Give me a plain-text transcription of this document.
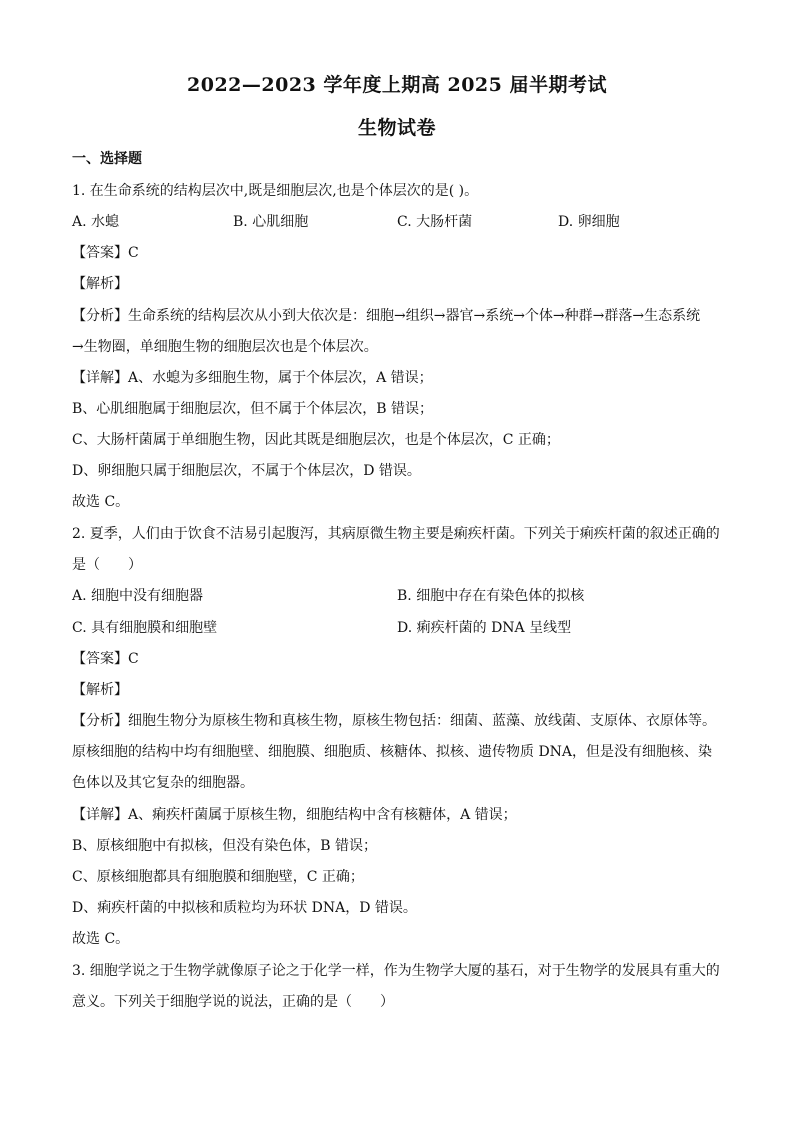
2022—2023 学年度上期高 2025 届半期考试
生物试卷
一、选择题
1. 在生命系统的结构层次中,既是细胞层次,也是个体层次的是( )。
A. 水螅	B. 心肌细胞	C. 大肠杆菌	D. 卵细胞
【答案】C
【解析】
【分析】生命系统的结构层次从小到大依次是：细胞→组织→器官→系统→个体→种群→群落→生态系统
→生物圈，单细胞生物的细胞层次也是个体层次。
【详解】A、水螅为多细胞生物，属于个体层次，A 错误；
B、心肌细胞属于细胞层次，但不属于个体层次，B 错误；
C、大肠杆菌属于单细胞生物，因此其既是细胞层次，也是个体层次，C 正确；
D、卵细胞只属于细胞层次，不属于个体层次，D 错误。
故选 C。
2. 夏季，人们由于饮食不洁易引起腹泻，其病原微生物主要是痢疾杆菌。下列关于痢疾杆菌的叙述正确的
是（　　）
A. 细胞中没有细胞器	B. 细胞中存在有染色体的拟核
C. 具有细胞膜和细胞壁	D. 痢疾杆菌的 DNA 呈线型
【答案】C
【解析】
【分析】细胞生物分为原核生物和真核生物，原核生物包括：细菌、蓝藻、放线菌、支原体、衣原体等。
原核细胞的结构中均有细胞壁、细胞膜、细胞质、核糖体、拟核、遗传物质 DNA，但是没有细胞核、染
色体以及其它复杂的细胞器。
【详解】A、痢疾杆菌属于原核生物，细胞结构中含有核糖体，A 错误；
B、原核细胞中有拟核，但没有染色体，B 错误；
C、原核细胞都具有细胞膜和细胞壁，C 正确；
D、痢疾杆菌的中拟核和质粒均为环状 DNA，D 错误。
故选 C。
3. 细胞学说之于生物学就像原子论之于化学一样，作为生物学大厦的基石，对于生物学的发展具有重大的
意义。下列关于细胞学说的说法，正确的是（　　）
